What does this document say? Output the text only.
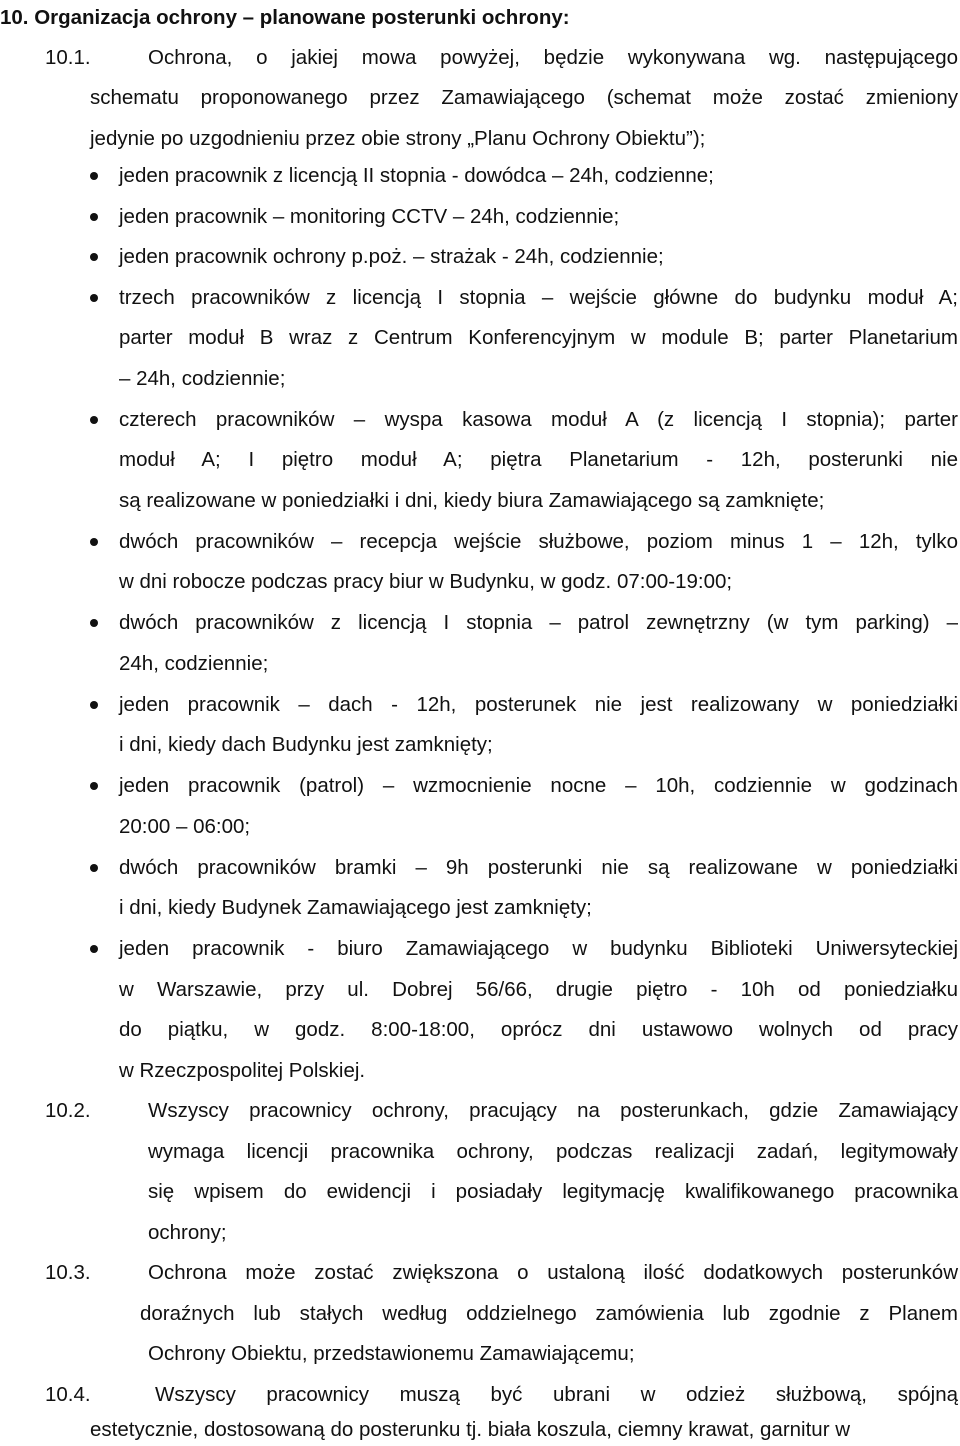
10. Organizacja ochrony – planowane posterunki ochrony:
10.1.	Ochrona, o jakiej mowa powyżej, będzie wykonywana wg. następującego
schematu proponowanego przez Zamawiającego (schemat może zostać zmieniony
jedynie po uzgodnieniu przez obie strony „Planu Ochrony Obiektu”);
jeden pracownik z licencją II stopnia - dowódca – 24h, codzienne;
jeden pracownik – monitoring CCTV – 24h, codziennie;
jeden pracownik ochrony p.poż. – strażak - 24h, codziennie;
trzech pracowników z licencją I stopnia – wejście główne do budynku moduł A;
parter moduł B wraz z Centrum Konferencyjnym w module B; parter Planetarium
– 24h, codziennie;
czterech pracowników – wyspa kasowa moduł A (z licencją I stopnia); parter
moduł A; I piętro moduł A; piętra Planetarium - 12h, posterunki nie
są realizowane w poniedziałki i dni, kiedy biura Zamawiającego są zamknięte;
dwóch pracowników – recepcja wejście służbowe, poziom minus 1 – 12h, tylko
w dni robocze podczas pracy biur w Budynku, w godz. 07:00-19:00;
dwóch pracowników z licencją I stopnia – patrol zewnętrzny (w tym parking) –
24h, codziennie;
jeden pracownik – dach - 12h, posterunek nie jest realizowany w poniedziałki
i dni, kiedy dach Budynku jest zamknięty;
jeden pracownik (patrol) – wzmocnienie nocne – 10h, codziennie w godzinach
20:00 – 06:00;
dwóch pracowników bramki – 9h posterunki nie są realizowane w poniedziałki
i dni, kiedy Budynek Zamawiającego jest zamknięty;
jeden pracownik - biuro Zamawiającego w budynku Biblioteki Uniwersyteckiej
w Warszawie, przy ul. Dobrej 56/66, drugie piętro - 10h od poniedziałku
do piątku, w godz. 8:00-18:00, oprócz dni ustawowo wolnych od pracy
w Rzeczpospolitej Polskiej.
10.2.	Wszyscy pracownicy ochrony, pracujący na posterunkach, gdzie Zamawiający
wymaga licencji pracownika ochrony, podczas realizacji zadań, legitymowały
się wpisem do ewidencji i posiadały legitymację kwalifikowanego pracownika
ochrony;
10.3.	Ochrona może zostać zwiększona o ustaloną ilość dodatkowych posterunków
doraźnych lub stałych według oddzielnego zamówienia lub zgodnie z Planem
Ochrony Obiektu, przedstawionemu Zamawiającemu;
10.4.	Wszyscy pracownicy muszą być ubrani w odzież służbową, spójną
estetycznie, dostosowaną do posterunku tj. biała koszula, ciemny krawat, garnitur w
